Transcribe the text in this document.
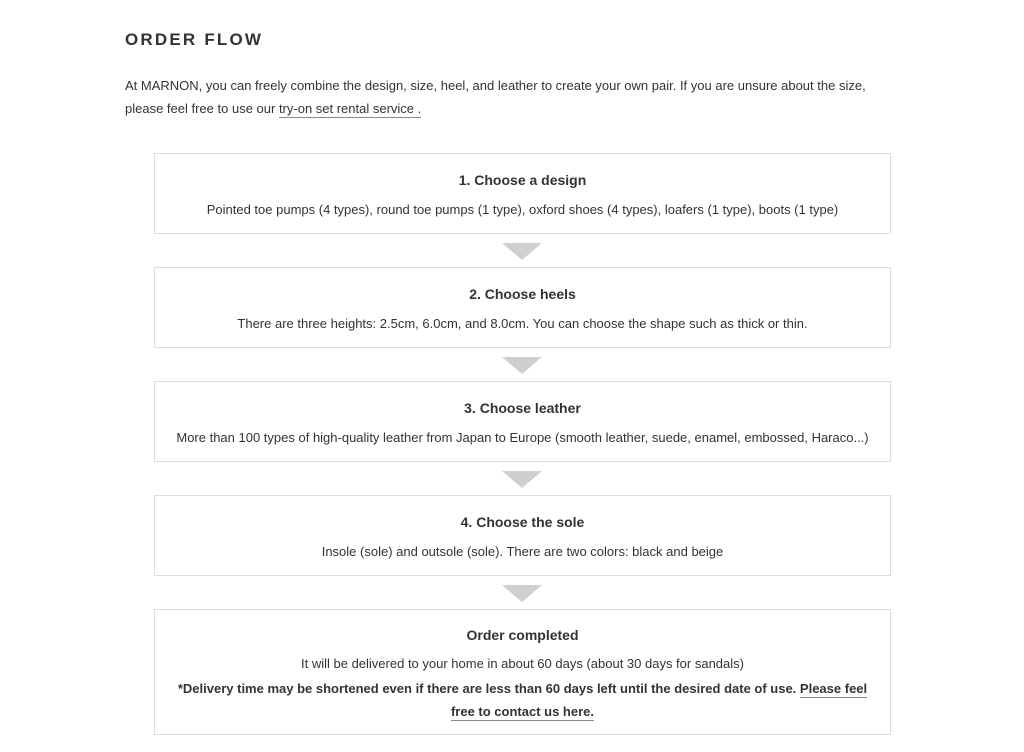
ORDER FLOW

At MARNON, you can freely combine the design, size, heel, and leather to create your own pair. If you are unsure about the size, please feel free to use our try-on set rental service .

1. Choose a design

Pointed toe pumps (4 types), round toe pumps (1 type), oxford shoes (4 types), loafers (1 type), boots (1 type)

2. Choose heels

There are three heights: 2.5cm, 6.0cm, and 8.0cm. You can choose the shape such as thick or thin.

3. Choose leather

More than 100 types of high-quality leather from Japan to Europe (smooth leather, suede, enamel, embossed, Haraco...)

4. Choose the sole

Insole (sole) and outsole (sole). There are two colors: black and beige

Order completed

It will be delivered to your home in about 60 days (about 30 days for sandals)

*Delivery time may be shortened even if there are less than 60 days left until the desired date of use. Please feel free to contact us here.
